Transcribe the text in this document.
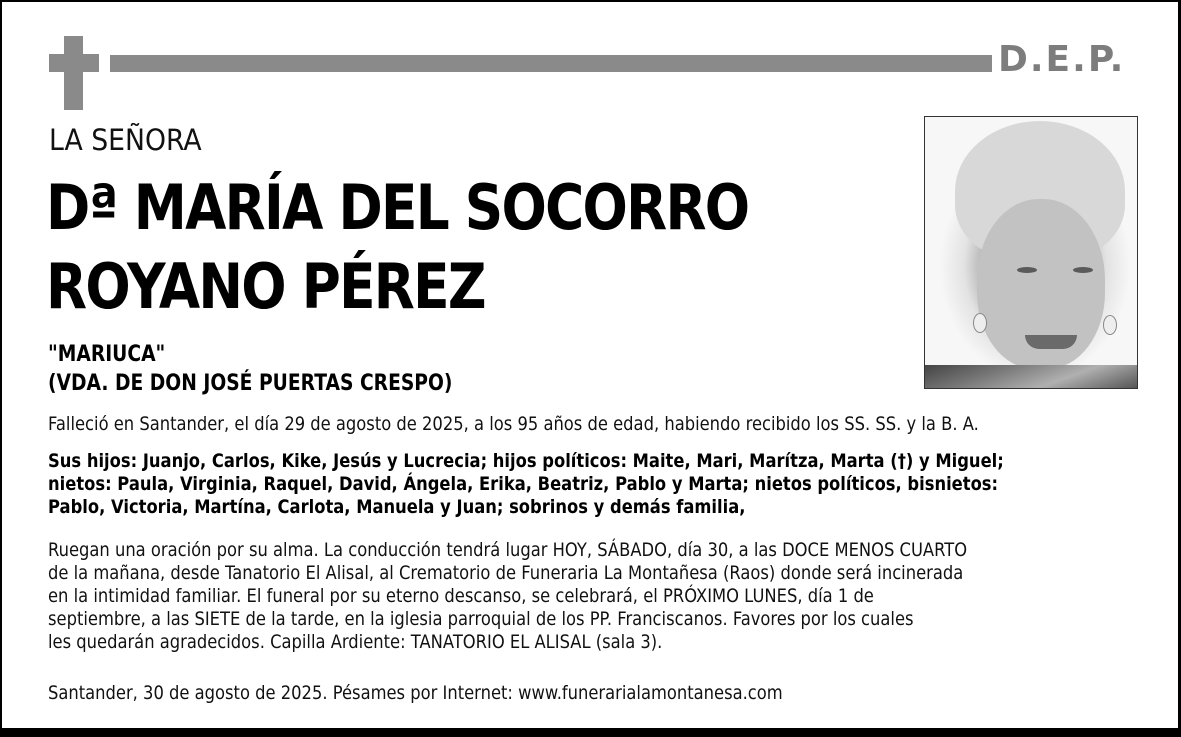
D.E.P.
LA SEÑORA
Dª MARÍA DEL SOCORRO
ROYANO PÉREZ
"MARIUCA"
(VDA. DE DON JOSÉ PUERTAS CRESPO)
Falleció en Santander, el día 29 de agosto de 2025, a los 95 años de edad, habiendo recibido los SS. SS. y la B. A.
Sus hijos: Juanjo, Carlos, Kike, Jesús y Lucrecia; hijos políticos: Maite, Mari, Marítza, Marta (†) y Miguel;
nietos: Paula, Virginia, Raquel, David, Ángela, Erika, Beatriz, Pablo y Marta; nietos políticos, bisnietos:
Pablo, Victoria, Martína, Carlota, Manuela y Juan; sobrinos y demás familia,
Ruegan una oración por su alma. La conducción tendrá lugar HOY, SÁBADO, día 30, a las DOCE MENOS CUARTO
de la mañana, desde Tanatorio El Alisal, al Crematorio de Funeraria La Montañesa (Raos) donde será incinerada
en la intimidad familiar. El funeral por su eterno descanso, se celebrará, el PRÓXIMO LUNES, día 1 de
septiembre, a las SIETE de la tarde, en la iglesia parroquial de los PP. Franciscanos. Favores por los cuales
les quedarán agradecidos. Capilla Ardiente: TANATORIO EL ALISAL (sala 3).
Santander, 30 de agosto de 2025. Pésames por Internet: www.funerarialamontanesa.com
